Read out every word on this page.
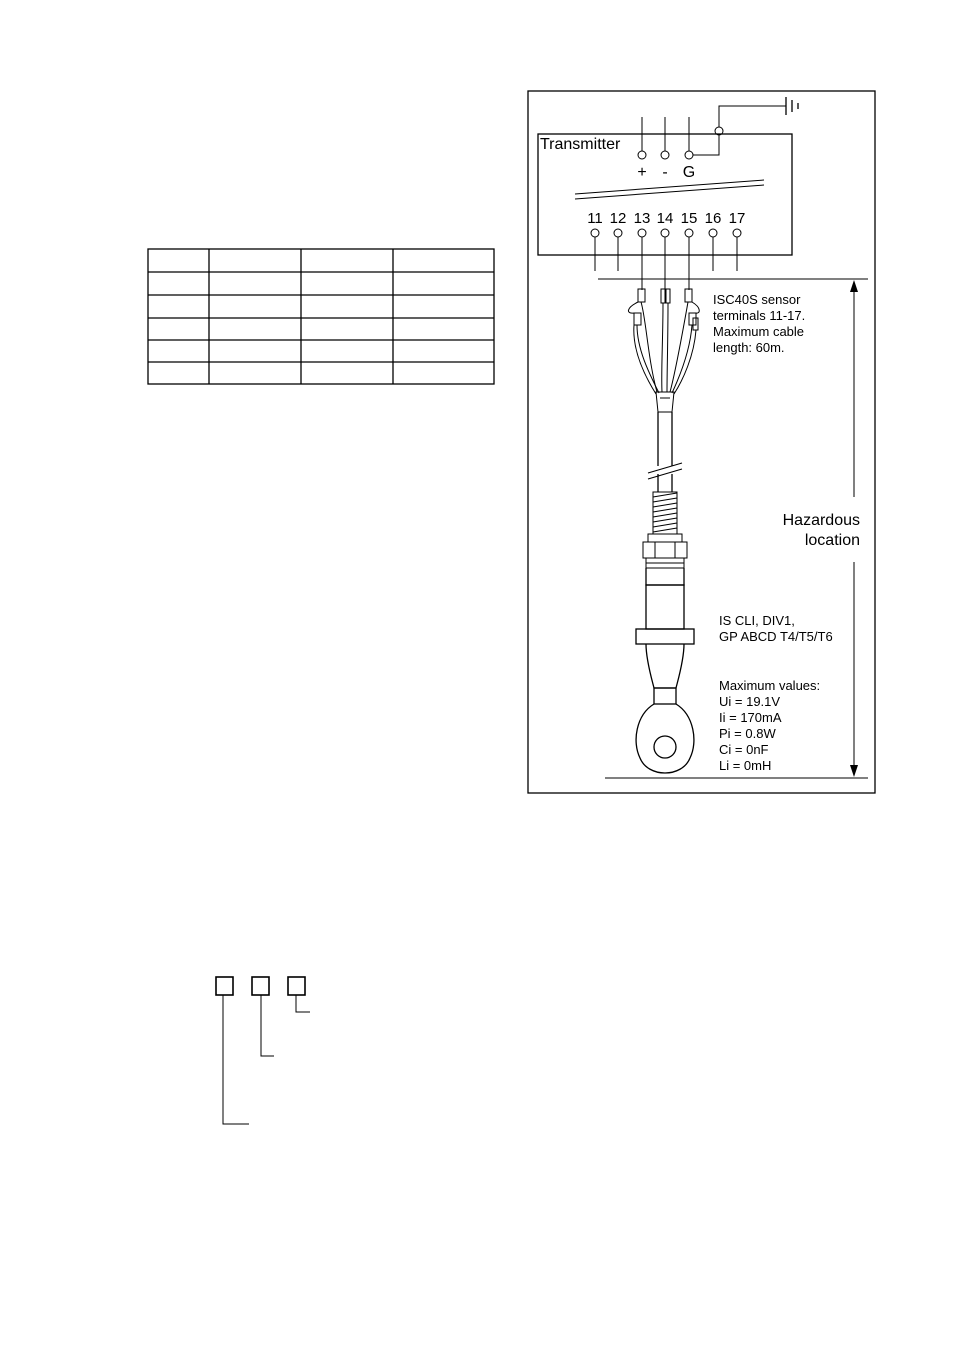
Transmitter
+ - G
11 12 13 14 15 16 17
Hazardous
location
ISC40S sensor
terminals 11-17.
Maximum cable
length: 60m.
IS CLI, DIV1,
GP ABCD T4/T5/T6
Maximum values:
Ui = 19.1V
Ii = 170mA
Pi = 0.8W
Ci = 0nF
Li = 0mH
